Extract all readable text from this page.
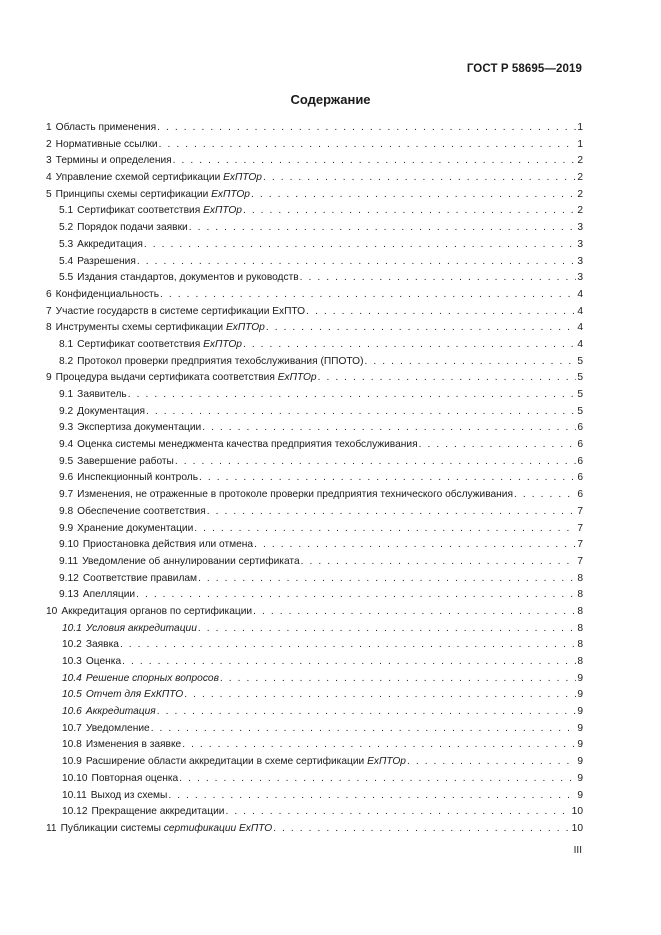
ГОСТ Р 58695—2019
Содержание
1 Область применения . . .	1
2 Нормативные ссылки . . .	1
3 Термины и определения . . .	2
4 Управление схемой сертификации ЕхПТОр . . .	2
5 Принципы схемы сертификации ЕхПТОр . . .	2
5.1 Сертификат соответствия ЕхПТОр . . .	2
5.2 Порядок подачи заявки . . .	3
5.3 Аккредитация . . .	3
5.4 Разрешения . . .	3
5.5 Издания стандартов, документов и руководств . . .	3
6 Конфиденциальность . . .	4
7 Участие государств в системе сертификации ЕхПТО . . .	4
8 Инструменты схемы сертификации ЕхПТОр . . .	4
8.1 Сертификат соответствия ЕхПТОр . . .	4
8.2 Протокол проверки предприятия техобслуживания (ППОТО) . . .	5
9 Процедура выдачи сертификата соответствия ЕхПТОр . . .	5
9.1 Заявитель . . .	5
9.2 Документация . . .	5
9.3 Экспертиза документации . . .	6
9.4 Оценка системы менеджмента качества предприятия техобслуживания . . .	6
9.5 Завершение работы . . .	6
9.6 Инспекционный контроль . . .	6
9.7 Изменения, не отраженные в протоколе проверки предприятия технического обслуживания . . .	6
9.8 Обеспечение соответствия . . .	7
9.9 Хранение документации . . .	7
9.10 Приостановка действия или отмена . . .	7
9.11 Уведомление об аннулировании сертификата . . .	7
9.12 Соответствие правилам . . .	8
9.13 Апелляции . . .	8
10 Аккредитация органов по сертификации . . .	8
10.1 Условия аккредитации . . .	8
10.2 Заявка . . .	8
10.3 Оценка . . .	8
10.4 Решение спорных вопросов . . .	9
10.5 Отчет для ЕхКПТО . . .	9
10.6 Аккредитация . . .	9
10.7 Уведомление . . .	9
10.8 Изменения в заявке . . .	9
10.9 Расширение области аккредитации в схеме сертификации ЕхПТОр . . .	9
10.10 Повторная оценка . . .	9
10.11 Выход из схемы . . .	9
10.12 Прекращение аккредитации . . .	10
11 Публикации системы сертификации ЕхПТО . . .	10
III
